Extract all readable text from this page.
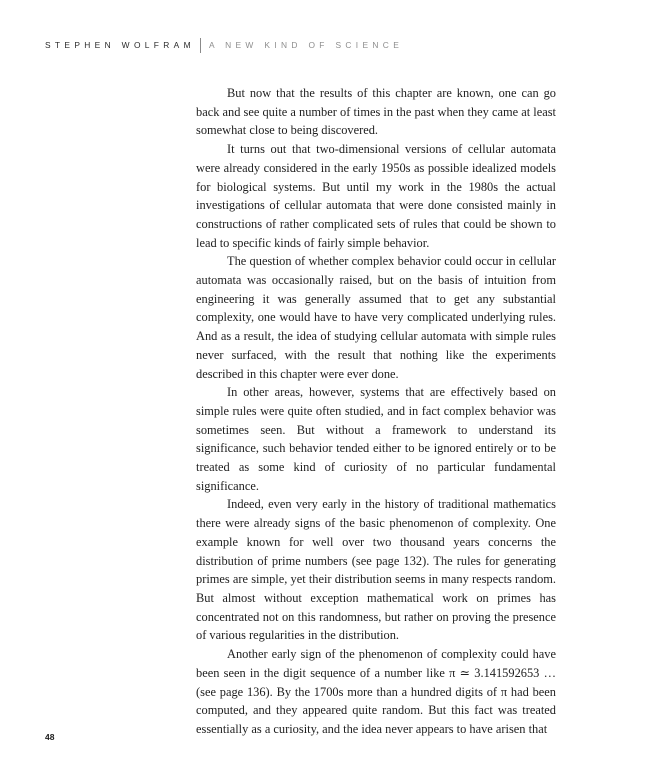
STEPHEN WOLFRAM A NEW KIND OF SCIENCE

But now that the results of this chapter are known, one can go back and see quite a number of times in the past when they came at least somewhat close to being discovered.

It turns out that two-dimensional versions of cellular automata were already considered in the early 1950s as possible idealized models for biological systems. But until my work in the 1980s the actual investigations of cellular automata that were done consisted mainly in constructions of rather complicated sets of rules that could be shown to lead to specific kinds of fairly simple behavior.

The question of whether complex behavior could occur in cellular automata was occasionally raised, but on the basis of intuition from engineering it was generally assumed that to get any substantial complexity, one would have to have very complicated underlying rules. And as a result, the idea of studying cellular automata with simple rules never surfaced, with the result that nothing like the experiments described in this chapter were ever done.

In other areas, however, systems that are effectively based on simple rules were quite often studied, and in fact complex behavior was sometimes seen. But without a framework to understand its significance, such behavior tended either to be ignored entirely or to be treated as some kind of curiosity of no particular fundamental significance.

Indeed, even very early in the history of traditional mathematics there were already signs of the basic phenomenon of complexity. One example known for well over two thousand years concerns the distribution of prime numbers (see page 132). The rules for generating primes are simple, yet their distribution seems in many respects random. But almost without exception mathematical work on primes has concentrated not on this randomness, but rather on proving the presence of various regularities in the distribution.

Another early sign of the phenomenon of complexity could have been seen in the digit sequence of a number like π ≃ 3.141592653 … (see page 136). By the 1700s more than a hundred digits of π had been computed, and they appeared quite random. But this fact was treated essentially as a curiosity, and the idea never appears to have arisen that

48
